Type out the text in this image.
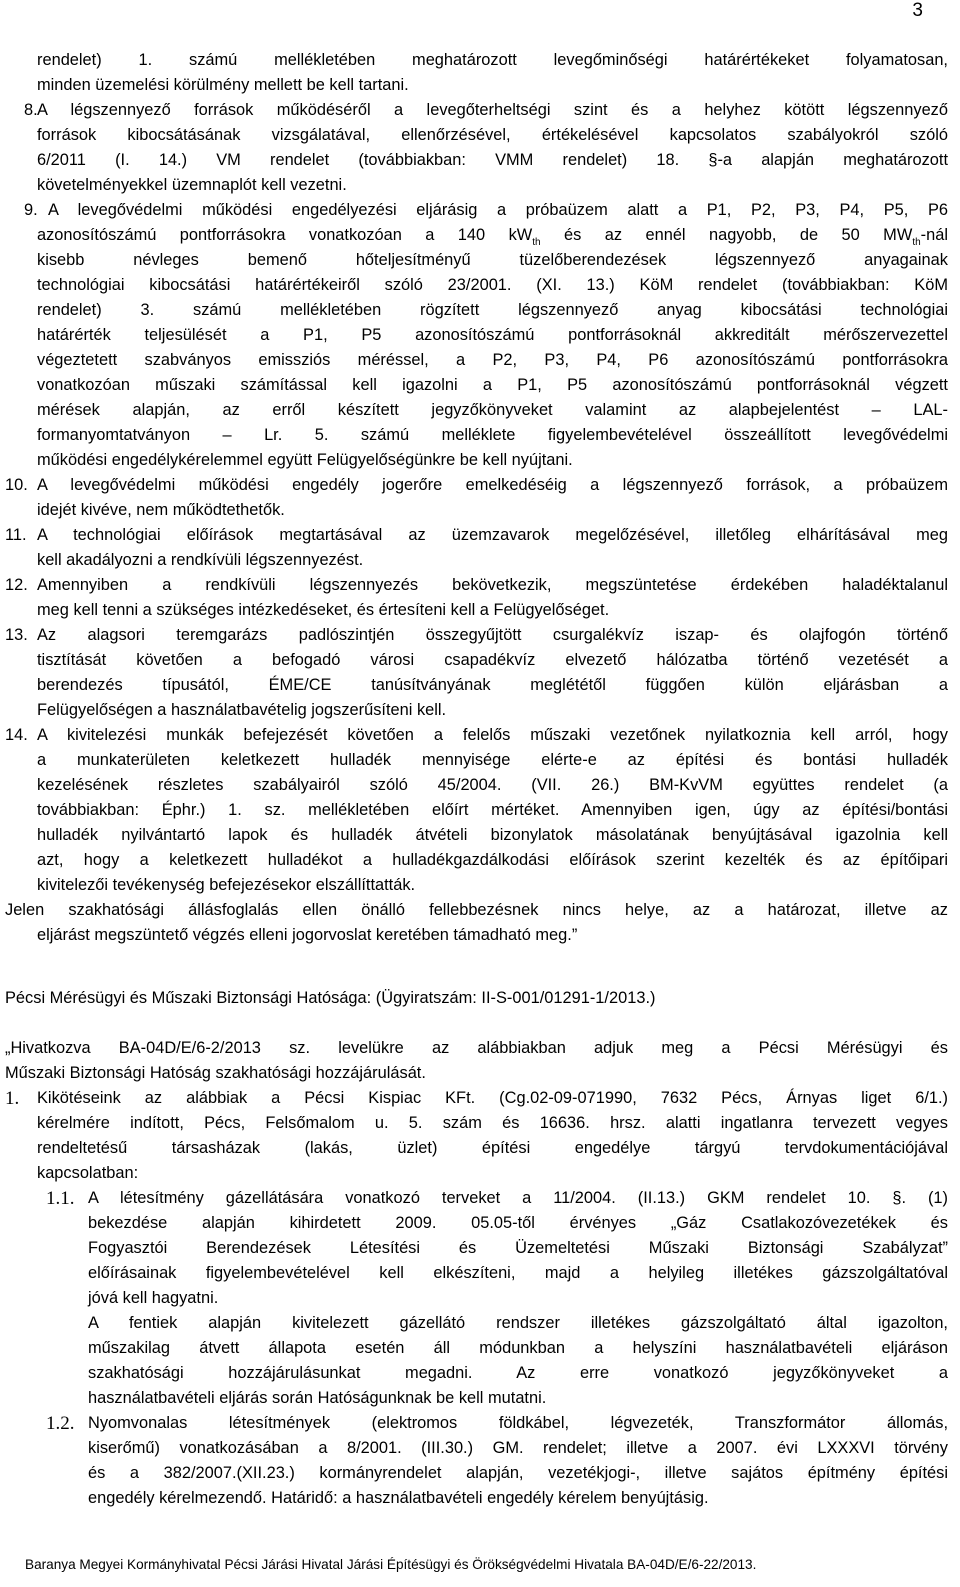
3
rendelet) 1. számú mellékletében meghatározott levegőminőségi határértékeket folyamatosan,
minden üzemelési körülmény mellett be kell tartani.
8. A légszennyező források működéséről a levegőterheltségi szint és a helyhez kötött légszennyező
források kibocsátásának vizsgálatával, ellenőrzésével, értékelésével kapcsolatos szabályokról szóló
6/2011 (I. 14.) VM rendelet (továbbiakban: VMM rendelet) 18. §-a alapján meghatározott
követelményekkel üzemnaplót kell vezetni.
9. A levegővédelmi működési engedélyezési eljárásig a próbaüzem alatt a P1, P2, P3, P4, P5, P6
azonosítószámú pontforrásokra vonatkozóan a 140 $kW_{th}$ és az ennél nagyobb, de 50 $MW_{th}$-nál
kisebb névleges bemenő hőteljesítményű tüzelőberendezések légszennyező anyagainak
technológiai kibocsátási határértékeiről szóló 23/2001. (XI. 13.) KöM rendelet (továbbiakban: KöM
rendelet) 3. számú mellékletében rögzített légszennyező anyag kibocsátási technológiai
határérték teljesülését a P1, P5 azonosítószámú pontforrásoknál akkreditált mérőszervezettel
végeztetett szabványos emissziós méréssel, a P2, P3, P4, P6 azonosítószámú pontforrásokra
vonatkozóan műszaki számítással kell igazolni a P1, P5 azonosítószámú pontforrásoknál végzett
mérések alapján, az erről készített jegyzőkönyveket valamint az alapbejelentést – LAL-
formanyomtatványon – Lr. 5. számú melléklete figyelembevételével összeállított levegővédelmi
működési engedélykérelemmel együtt Felügyelőségünkre be kell nyújtani.
10. A levegővédelmi működési engedély jogerőre emelkedéséig a légszennyező források, a próbaüzem
idejét kivéve, nem működtethetők.
11. A technológiai előírások megtartásával az üzemzavarok megelőzésével, illetőleg elhárításával meg
kell akadályozni a rendkívüli légszennyezést.
12. Amennyiben a rendkívüli légszennyezés bekövetkezik, megszüntetése érdekében haladéktalanul
meg kell tenni a szükséges intézkedéseket, és értesíteni kell a Felügyelőséget.
13. Az alagsori teremgarázs padlószintjén összegyűjtött csurgalékvíz iszap- és olajfogón történő
tisztítását követően a befogadó városi csapadékvíz elvezető hálózatba történő vezetését a
berendezés típusától, ÉME/CE tanúsítványának meglététől függően külön eljárásban a
Felügyelőségen a használatbavételig jogszerűsíteni kell.
14. A kivitelezési munkák befejezését követően a felelős műszaki vezetőnek nyilatkoznia kell arról, hogy
a munkaterületen keletkezett hulladék mennyisége elérte-e az építési és bontási hulladék
kezelésének részletes szabályairól szóló 45/2004. (VII. 26.) BM-KvVM együttes rendelet (a
továbbiakban: Éphr.) 1. sz. mellékletében előírt mértéket. Amennyiben igen, úgy az építési/bontási
hulladék nyilvántartó lapok és hulladék átvételi bizonylatok másolatának benyújtásával igazolnia kell
azt, hogy a keletkezett hulladékot a hulladékgazdálkodási előírások szerint kezelték és az építőipari
kivitelezői tevékenység befejezésekor elszállíttatták.
Jelen szakhatósági állásfoglalás ellen önálló fellebbezésnek nincs helye, az a határozat, illetve az
eljárást megszüntető végzés elleni jogorvoslat keretében támadható meg.”
Pécsi Mérésügyi és Műszaki Biztonsági Hatósága: (Ügyiratszám: II-S-001/01291-1/2013.)
„Hivatkozva BA-04D/E/6-2/2013 sz. levelükre az alábbiakban adjuk meg a Pécsi Mérésügyi és
Műszaki Biztonsági Hatóság szakhatósági hozzájárulását.
1. Kikötéseink az alábbiak a Pécsi Kispiac KFt. (Cg.02-09-071990, 7632 Pécs, Árnyas liget 6/1.)
kérelmére indított, Pécs, Felsőmalom u. 5. szám és 16636. hrsz. alatti ingatlanra tervezett vegyes
rendeltetésű társasházak (lakás, üzlet) építési engedélye tárgyú tervdokumentációjával
kapcsolatban:
1.1. A létesítmény gázellátására vonatkozó terveket a 11/2004. (II.13.) GKM rendelet 10. §. (1)
bekezdése alapján kihirdetett 2009. 05.05-től érvényes „Gáz Csatlakozóvezetékek és
Fogyasztói Berendezések Létesítési és Üzemeltetési Műszaki Biztonsági Szabályzat”
előírásainak figyelembevételével kell elkészíteni, majd a helyileg illetékes gázszolgáltatóval
jóvá kell hagyatni.
A fentiek alapján kivitelezett gázellátó rendszer illetékes gázszolgáltató által igazolton,
műszakilag átvett állapota esetén áll módunkban a helyszíni használatbavételi eljáráson
szakhatósági hozzájárulásunkat megadni. Az erre vonatkozó jegyzőkönyveket a
használatbavételi eljárás során Hatóságunknak be kell mutatni.
1.2. Nyomvonalas létesítmények (elektromos földkábel, légvezeték, Transzformátor állomás,
kiserőmű) vonatkozásában a 8/2001. (III.30.) GM. rendelet; illetve a 2007. évi LXXXVI törvény
és a 382/2007.(XII.23.) kormányrendelet alapján, vezetékjogi-, illetve sajátos építmény építési
engedély kérelmezendő. Határidő: a használatbavételi engedély kérelem benyújtásig.
Baranya Megyei Kormányhivatal Pécsi Járási Hivatal Járási Építésügyi és Örökségvédelmi Hivatala BA-04D/E/6-22/2013.
